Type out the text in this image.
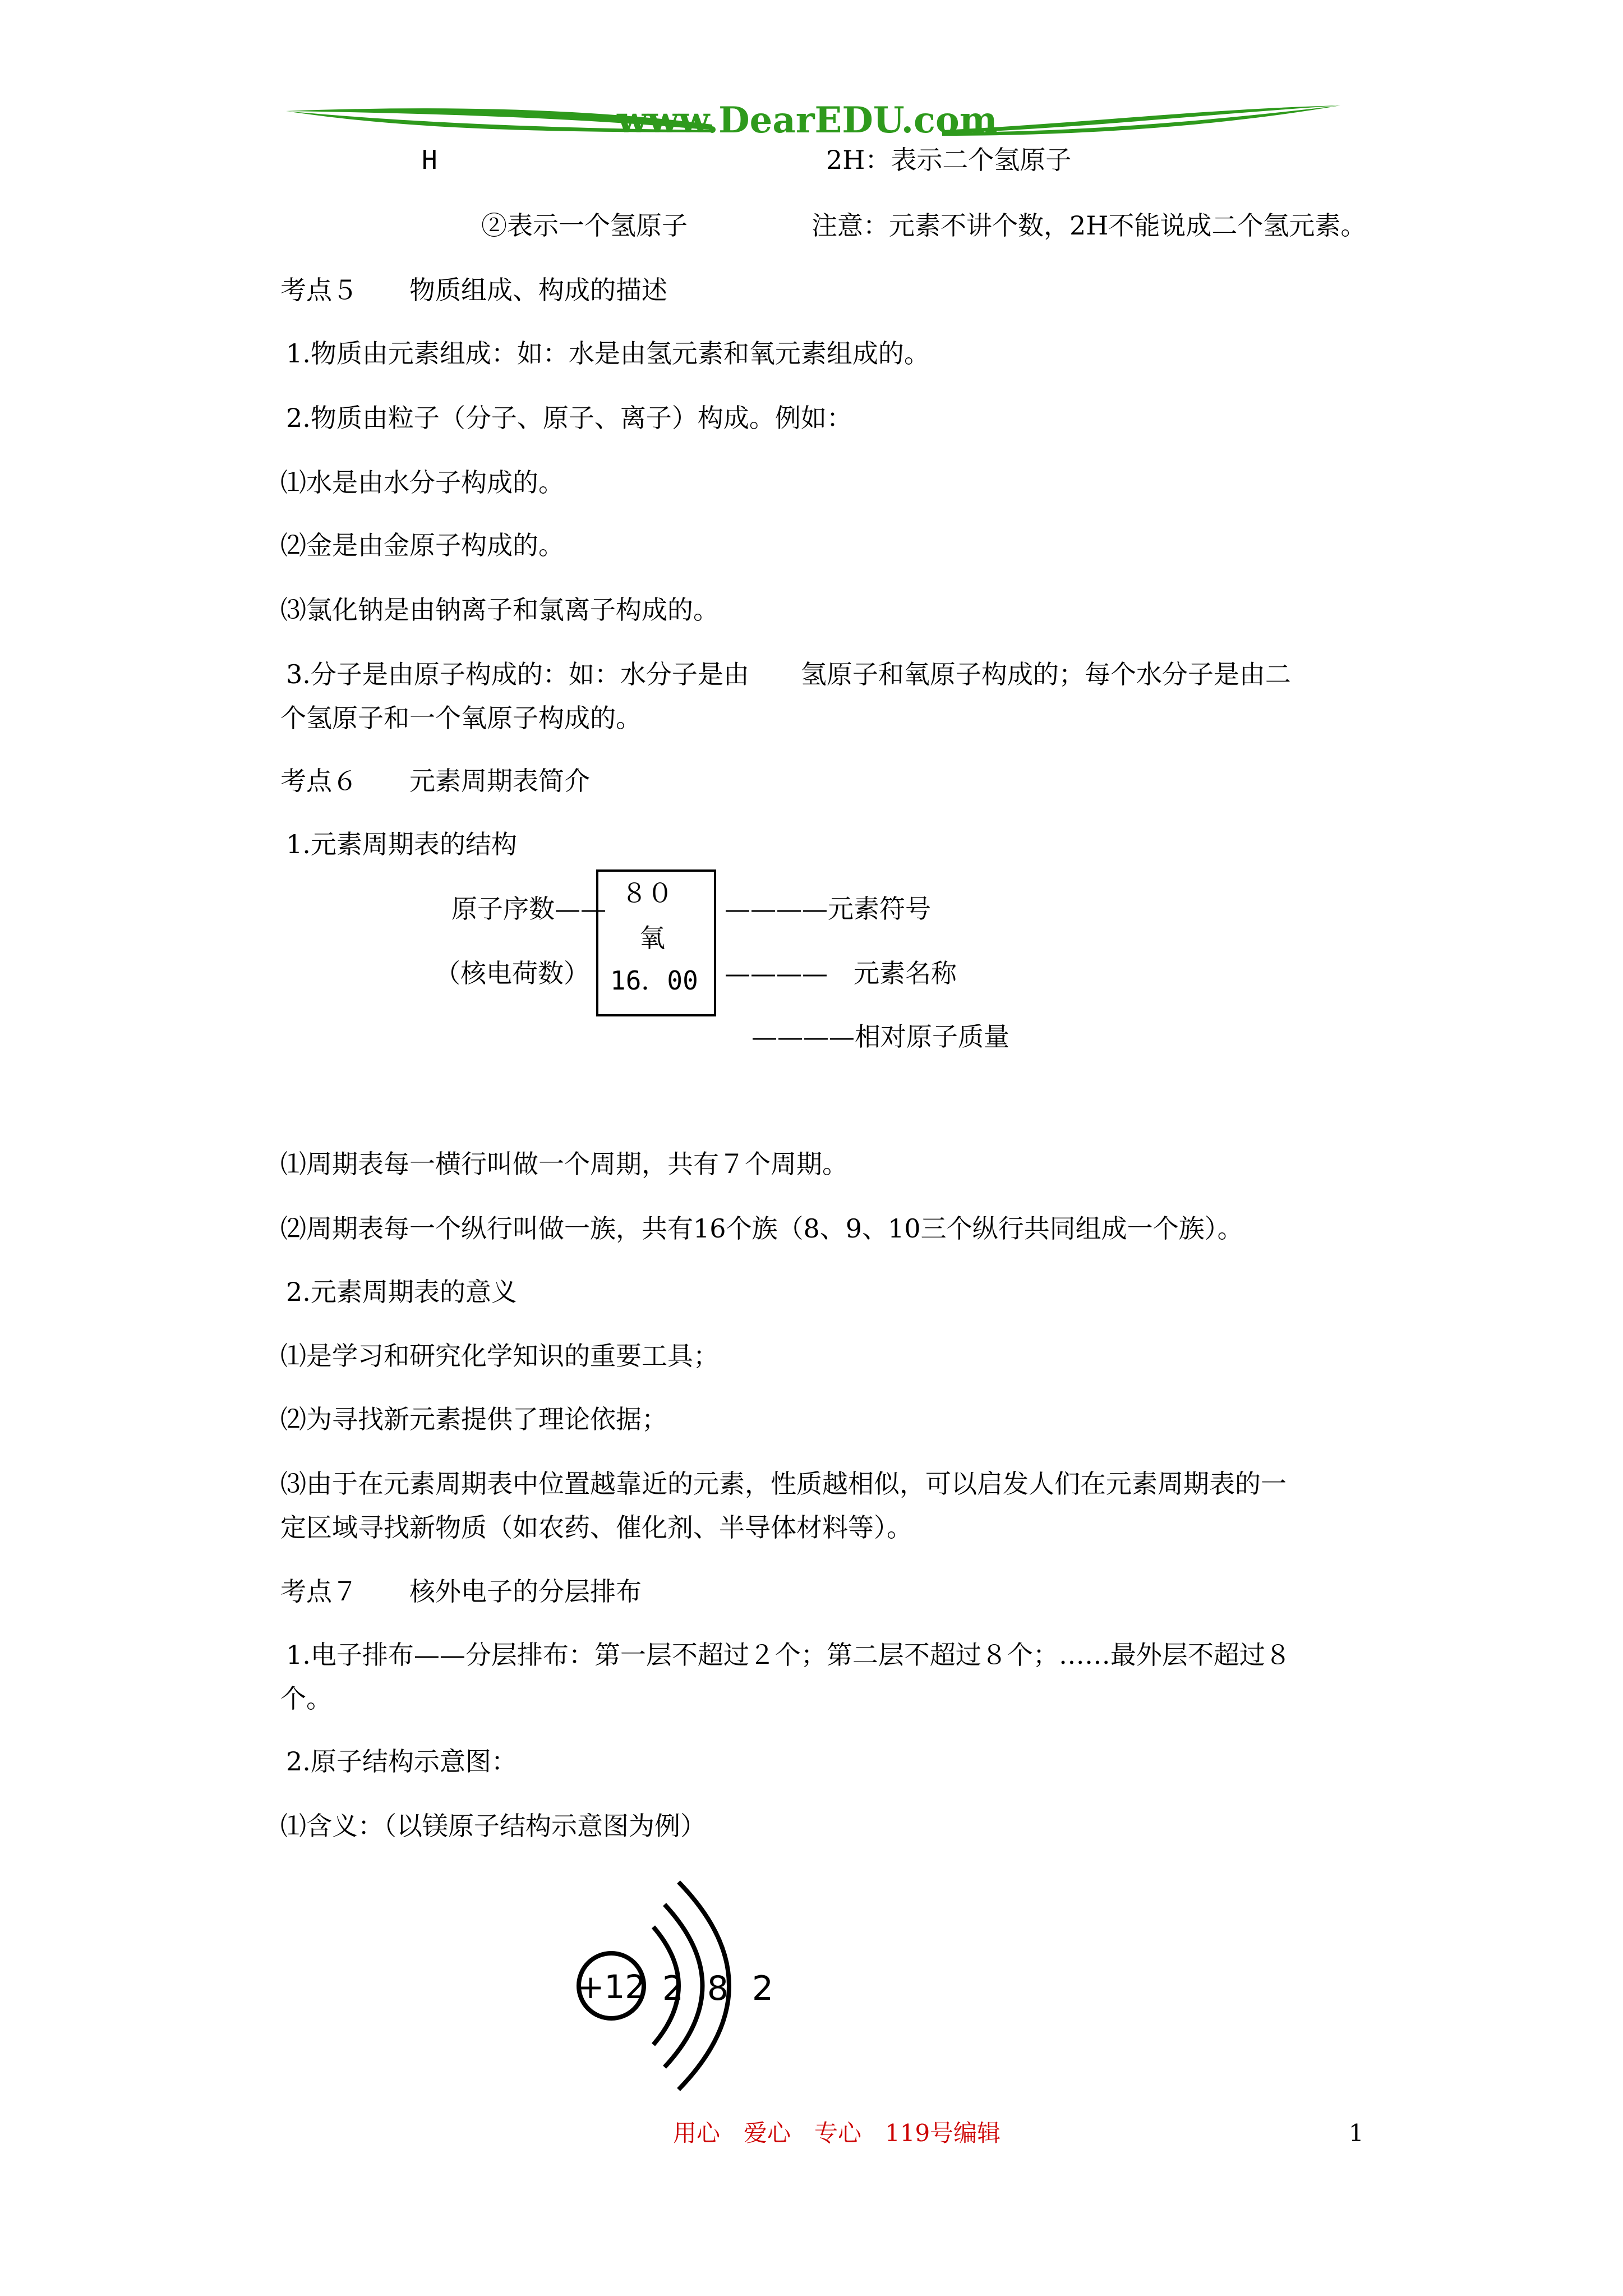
www.DearEDU.com
H	2H：表示二个氢原子
②表示一个氢原子	注意：元素不讲个数，2H不能说成二个氢元素。
考点５　　物质组成、构成的描述
1.物质由元素组成：如：水是由氢元素和氧元素组成的。
2.物质由粒子（分子、原子、离子）构成。例如：
⑴水是由水分子构成的。
⑵金是由金原子构成的。
⑶氯化钠是由钠离子和氯离子构成的。
3.分子是由原子构成的：如：水分子是由　　氢原子和氧原子构成的；每个水分子是由二
个氢原子和一个氧原子构成的。
考点６　　元素周期表简介
1.元素周期表的结构
原子序数——
（核电荷数）
８０
氧
16．00
————元素符号
————　元素名称
————相对原子质量
⑴周期表每一横行叫做一个周期，共有７个周期。
⑵周期表每一个纵行叫做一族，共有16个族（8、9、10三个纵行共同组成一个族）。
2.元素周期表的意义
⑴是学习和研究化学知识的重要工具；
⑵为寻找新元素提供了理论依据；
⑶由于在元素周期表中位置越靠近的元素，性质越相似，可以启发人们在元素周期表的一
定区域寻找新物质（如农药、催化剂、半导体材料等）。
考点７　　核外电子的分层排布
1.电子排布——分层排布：第一层不超过２个；第二层不超过８个；……最外层不超过８
个。
2.原子结构示意图：
⑴含义：（以镁原子结构示意图为例）
+12 2 8 2
用心　爱心　专心　119号编辑	1
